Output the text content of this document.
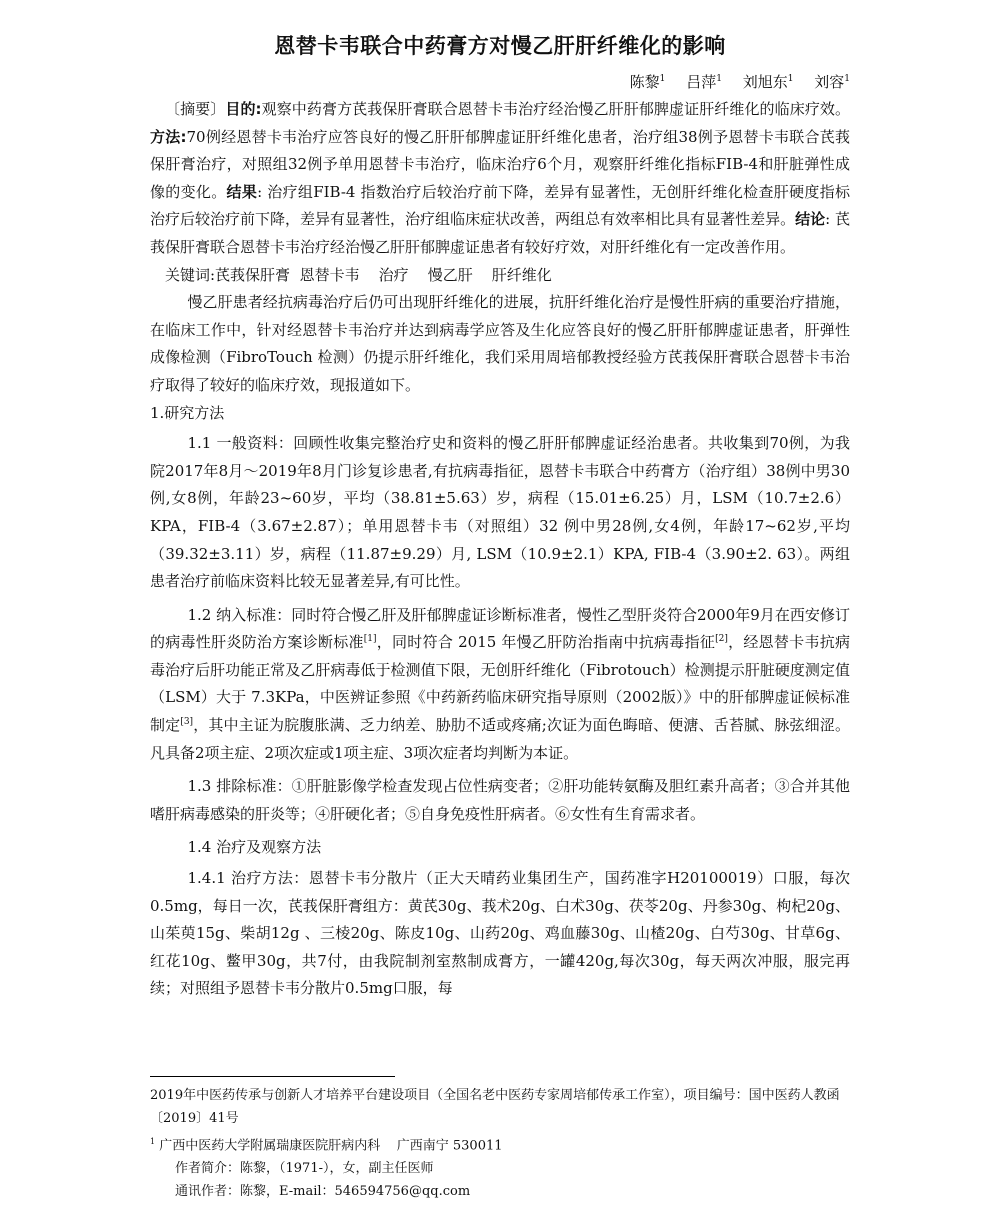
恩替卡韦联合中药膏方对慢乙肝肝纤维化的影响
陈黎$^1$ 吕萍$^1$ 刘旭东$^1$ 刘容$^1$

〔摘要〕目的:观察中药膏方芪莪保肝膏联合恩替卡韦治疗经治慢乙肝肝郁脾虚证肝纤维化的临床疗效。方法:70例经恩替卡韦治疗应答良好的慢乙肝肝郁脾虚证肝纤维化患者，治疗组38例予恩替卡韦联合芪莪保肝膏治疗，对照组32例予单用恩替卡韦治疗，临床治疗6个月，观察肝纤维化指标FIB-4和肝脏弹性成像的变化。结果: 治疗组FIB-4 指数治疗后较治疗前下降，差异有显著性，无创肝纤维化检查肝硬度指标治疗后较治疗前下降，差异有显著性，治疗组临床症状改善，两组总有效率相比具有显著性差异。结论: 芪莪保肝膏联合恩替卡韦治疗经治慢乙肝肝郁脾虚证患者有较好疗效，对肝纤维化有一定改善作用。

关键词:芪莪保肝膏  恩替卡韦    治疗    慢乙肝    肝纤维化

慢乙肝患者经抗病毒治疗后仍可出现肝纤维化的进展，抗肝纤维化治疗是慢性肝病的重要治疗措施，在临床工作中，针对经恩替卡韦治疗并达到病毒学应答及生化应答良好的慢乙肝肝郁脾虚证患者，肝弹性成像检测（FibroTouch 检测）仍提示肝纤维化，我们采用周培郁教授经验方芪莪保肝膏联合恩替卡韦治疗取得了较好的临床疗效，现报道如下。

1.研究方法

1.1 一般资料：回顾性收集完整治疗史和资料的慢乙肝肝郁脾虚证经治患者。共收集到70例，为我院2017年8月～2019年8月门诊复诊患者,有抗病毒指征，恩替卡韦联合中药膏方（治疗组）38例中男30例,女8例，年龄23~60岁，平均（38.81±5.63）岁，病程（15.01±6.25）月，LSM（10.7±2.6）KPA，FIB-4（3.67±2.87）；单用恩替卡韦（对照组）32 例中男28例,女4例，年龄17~62岁,平均（39.32±3.11）岁，病程（11.87±9.29）月, LSM（10.9±2.1）KPA, FIB-4（3.90±2. 63）。两组患者治疗前临床资料比较无显著差异,有可比性。

1.2 纳入标准：同时符合慢乙肝及肝郁脾虚证诊断标准者，慢性乙型肝炎符合2000年9月在西安修订的病毒性肝炎防治方案诊断标准[1]，同时符合 2015 年慢乙肝防治指南中抗病毒指征[2]，经恩替卡韦抗病毒治疗后肝功能正常及乙肝病毒低于检测值下限，无创肝纤维化（Fibrotouch）检测提示肝脏硬度测定值（LSM）大于 7.3KPa，中医辨证参照《中药新药临床研究指导原则（2002版）》中的肝郁脾虚证候标准制定[3]，其中主证为脘腹胀满、乏力纳差、胁肋不适或疼痛;次证为面色晦暗、便溏、舌苔腻、脉弦细涩。凡具备2项主症、2项次症或1项主症、3项次症者均判断为本证。

1.3 排除标准：①肝脏影像学检查发现占位性病变者；②肝功能转氨酶及胆红素升高者；③合并其他嗜肝病毒感染的肝炎等；④肝硬化者；⑤自身免疫性肝病者。⑥女性有生育需求者。

1.4 治疗及观察方法

1.4.1 治疗方法：恩替卡韦分散片（正大天晴药业集团生产，国药准字H20100019）口服，每次0.5mg，每日一次，芪莪保肝膏组方：黄芪30g、莪术20g、白术30g、茯苓20g、丹参30g、枸杞20g、山茱萸15g、柴胡12g 、三棱20g、陈皮10g、山药20g、鸡血藤30g、山楂20g、白芍30g、甘草6g、红花10g、鳖甲30g，共7付，由我院制剂室熬制成膏方，一罐420g,每次30g，每天两次冲服，服完再续；对照组予恩替卡韦分散片0.5mg口服，每

2019年中医药传承与创新人才培养平台建设项目（全国名老中医药专家周培郁传承工作室），项目编号：国中医药人教函〔2019〕41号

$^1$ 广西中医药大学附属瑞康医院肝病内科    广西南宁 530011

作者简介：陈黎，（1971-），女，副主任医师

通讯作者：陈黎，E-mail：546594756@qq.com
